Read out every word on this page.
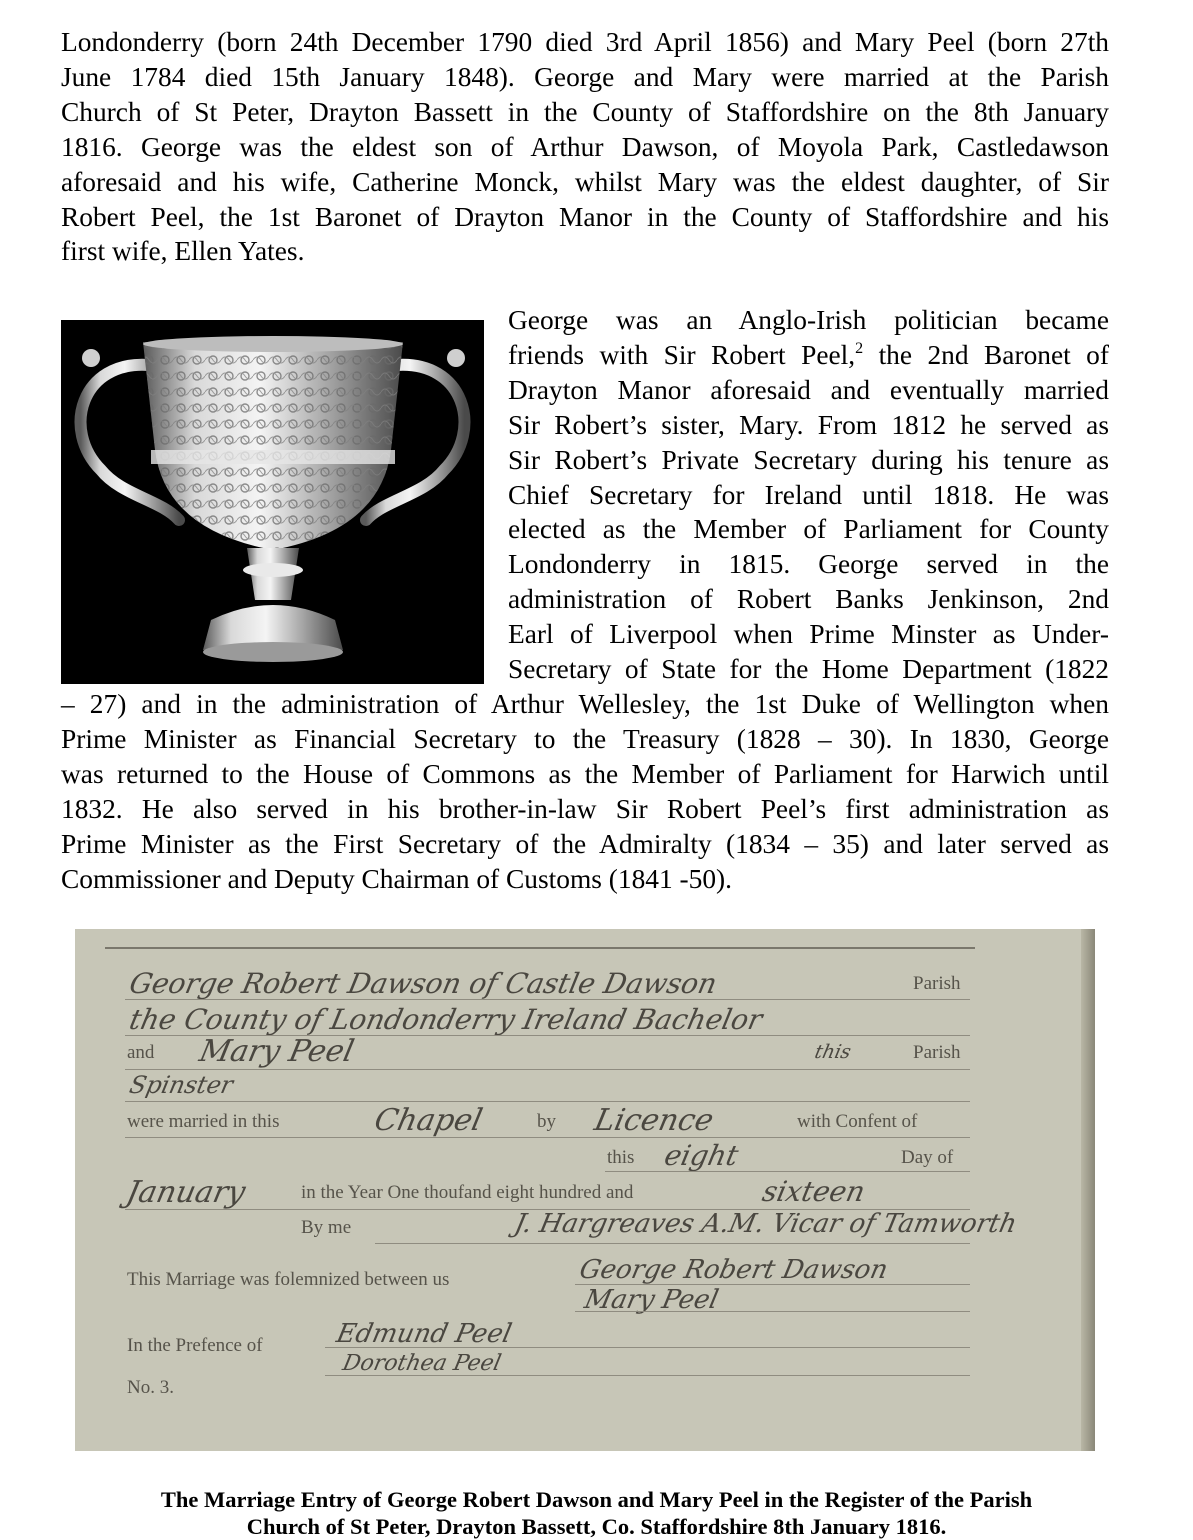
Londonderry (born 24th December 1790 died 3rd April 1856) and Mary Peel (born 27th
June 1784 died 15th January 1848). George and Mary were married at the Parish
Church of St Peter, Drayton Bassett in the County of Staffordshire on the 8th January
1816. George was the eldest son of Arthur Dawson, of Moyola Park, Castledawson
aforesaid and his wife, Catherine Monck, whilst Mary was the eldest daughter, of Sir
Robert Peel, the 1st Baronet of Drayton Manor in the County of Staffordshire and his
first wife, Ellen Yates.
George was an Anglo-Irish politician became
friends with Sir Robert Peel,$^2$ the 2nd Baronet of
Drayton Manor aforesaid and eventually married
Sir Robert’s sister, Mary. From 1812 he served as
Sir Robert’s Private Secretary during his tenure as
Chief Secretary for Ireland until 1818. He was
elected as the Member of Parliament for County
Londonderry in 1815. George served in the
administration of Robert Banks Jenkinson, 2nd
Earl of Liverpool when Prime Minster as Under-
Secretary of State for the Home Department (1822
– 27) and in the administration of Arthur Wellesley, the 1st Duke of Wellington when
Prime Minister as Financial Secretary to the Treasury (1828 – 30). In 1830, George
was returned to the House of Commons as the Member of Parliament for Harwich until
1832. He also served in his brother-in-law Sir Robert Peel’s first administration as
Prime Minister as the First Secretary of the Admiralty (1834 – 35) and later served as
Commissioner and Deputy Chairman of Customs (1841 -50).
George Robert Dawson of Castle Dawson	Parish
the County of Londonderry Ireland Bachelor
and Mary Peel	this	Parish
Spinster
were married in this	Chapel	by Licence	with Confent of
this eight	Day of
January	in the Year One thoufand eight hundred and	sixteen
By me	J. Hargreaves A.M. Vicar of Tamworth
This Marriage was folemnized between us	George Robert Dawson
Mary Peel
In the Prefence of	Edmund Peel
Dorothea Peel
No. 3.
The Marriage Entry of George Robert Dawson and Mary Peel in the Register of the Parish
Church of St Peter, Drayton Bassett, Co. Staffordshire 8th January 1816.
